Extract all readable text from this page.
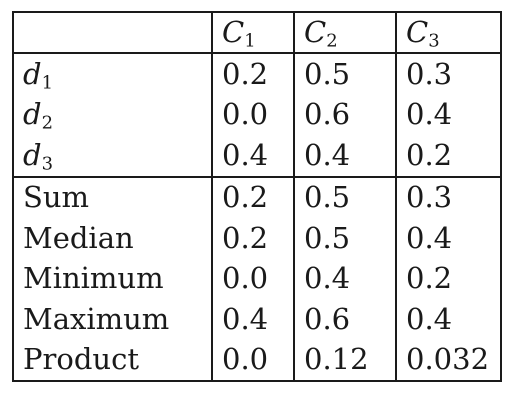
	$C_1$	$C_2$	$C_3$
$d_1$	0.2	0.5	0.3
$d_2$	0.0	0.6	0.4
$d_3$	0.4	0.4	0.2
Sum	0.2	0.5	0.3
Median	0.2	0.5	0.4
Minimum	0.0	0.4	0.2
Maximum	0.4	0.6	0.4
Product	0.0	0.12	0.032
